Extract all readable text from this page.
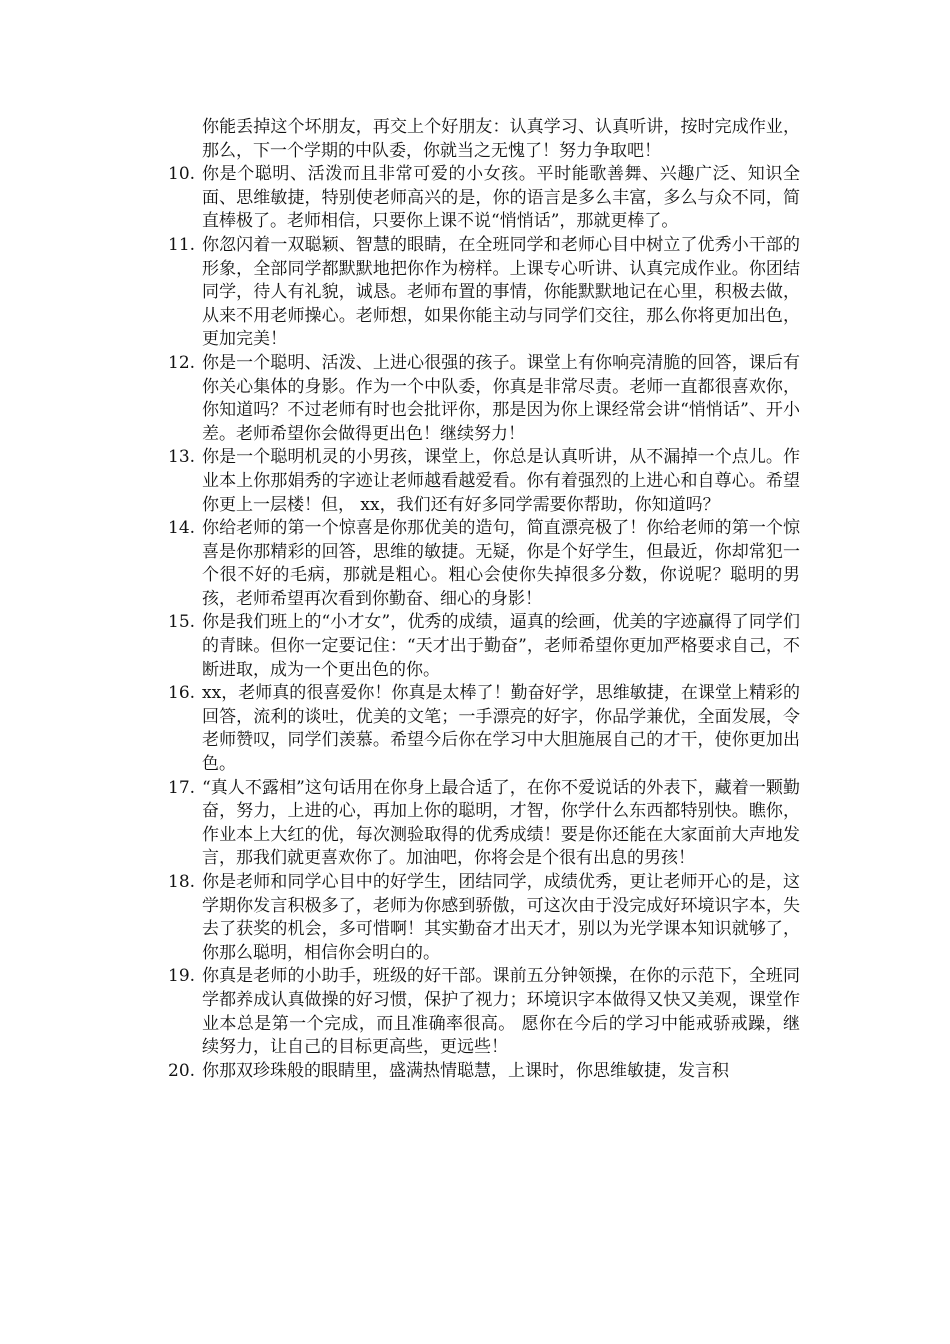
你能丢掉这个坏朋友，再交上个好朋友：认真学习、认真听讲，按时完成作业，那么，下一个学期的中队委，你就当之无愧了！努力争取吧！

10. 你是个聪明、活泼而且非常可爱的小女孩。平时能歌善舞、兴趣广泛、知识全面、思维敏捷，特别使老师高兴的是，你的语言是多么丰富，多么与众不同，简直棒极了。老师相信，只要你上课不说“悄悄话”，那就更棒了。

11. 你忽闪着一双聪颖、智慧的眼睛，在全班同学和老师心目中树立了优秀小干部的形象，全部同学都默默地把你作为榜样。上课专心听讲、认真完成作业。你团结同学，待人有礼貌，诚恳。老师布置的事情，你能默默地记在心里，积极去做，从来不用老师操心。老师想，如果你能主动与同学们交往，那么你将更加出色，更加完美！

12. 你是一个聪明、活泼、上进心很强的孩子。课堂上有你响亮清脆的回答，课后有你关心集体的身影。作为一个中队委，你真是非常尽责。老师一直都很喜欢你，你知道吗？不过老师有时也会批评你，那是因为你上课经常会讲“悄悄话”、开小差。老师希望你会做得更出色！继续努力！

13. 你是一个聪明机灵的小男孩，课堂上，你总是认真听讲，从不漏掉一个点儿。作业本上你那娟秀的字迹让老师越看越爱看。你有着强烈的上进心和自尊心。希望你更上一层楼！但， xx，我们还有好多同学需要你帮助，你知道吗？

14. 你给老师的第一个惊喜是你那优美的造句，简直漂亮极了！你给老师的第一个惊喜是你那精彩的回答，思维的敏捷。无疑，你是个好学生，但最近，你却常犯一个很不好的毛病，那就是粗心。粗心会使你失掉很多分数，你说呢？聪明的男孩，老师希望再次看到你勤奋、细心的身影！

15. 你是我们班上的“小才女”，优秀的成绩，逼真的绘画，优美的字迹赢得了同学们的青睐。但你一定要记住：“天才出于勤奋”，老师希望你更加严格要求自己，不断进取，成为一个更出色的你。

16. xx，老师真的很喜爱你！你真是太棒了！勤奋好学，思维敏捷，在课堂上精彩的回答，流利的谈吐，优美的文笔；一手漂亮的好字，你品学兼优，全面发展，令老师赞叹，同学们羡慕。希望今后你在学习中大胆施展自己的才干，使你更加出色。

17. “真人不露相”这句话用在你身上最合适了，在你不爱说话的外表下，藏着一颗勤奋，努力，上进的心，再加上你的聪明，才智，你学什么东西都特别快。瞧你，作业本上大红的优，每次测验取得的优秀成绩！要是你还能在大家面前大声地发言，那我们就更喜欢你了。加油吧，你将会是个很有出息的男孩！

18. 你是老师和同学心目中的好学生，团结同学，成绩优秀，更让老师开心的是，这学期你发言积极多了，老师为你感到骄傲，可这次由于没完成好环境识字本，失去了获奖的机会，多可惜啊！其实勤奋才出天才，别以为光学课本知识就够了，你那么聪明，相信你会明白的。

19. 你真是老师的小助手，班级的好干部。课前五分钟领操，在你的示范下，全班同学都养成认真做操的好习惯，保护了视力；环境识字本做得又快又美观，课堂作业本总是第一个完成，而且准确率很高。 愿你在今后的学习中能戒骄戒躁，继续努力，让自己的目标更高些，更远些！

20. 你那双珍珠般的眼睛里，盛满热情聪慧，上课时，你思维敏捷，发言积
